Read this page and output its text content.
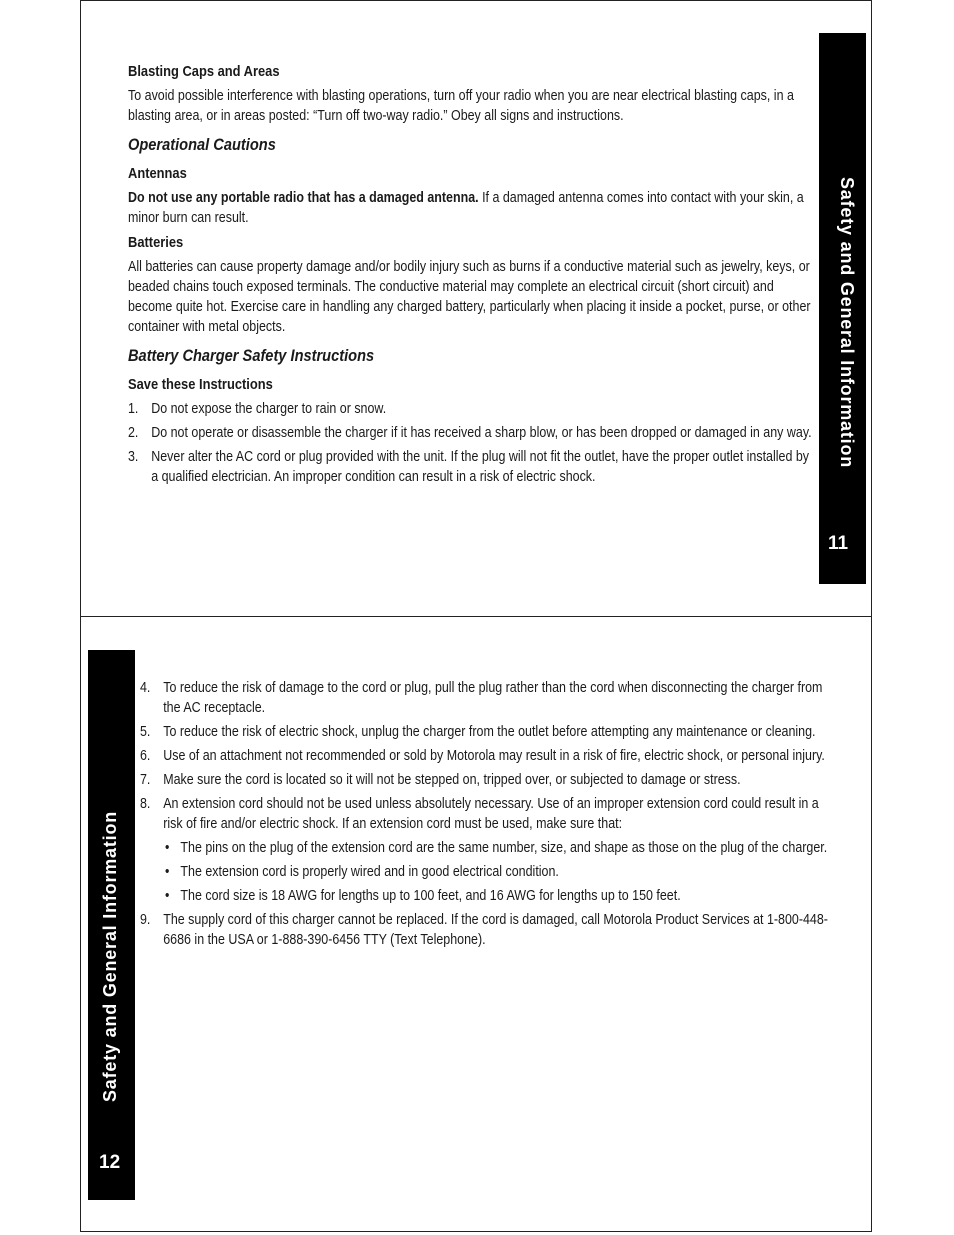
Safety and General Information
11
Safety and General Information
12
Blasting Caps and Areas

To avoid possible interference with blasting operations, turn off your radio when you are near electrical blasting caps, in a blasting area, or in areas posted: “Turn off two-way radio.” Obey all signs and instructions.

Operational Cautions
Antennas

Do not use any portable radio that has a damaged antenna. If a damaged antenna comes into contact with your skin, a minor burn can result.

Batteries

All batteries can cause property damage and/or bodily injury such as burns if a conductive material such as jewelry, keys, or beaded chains touch exposed terminals. The conductive material may complete an electrical circuit (short circuit) and become quite hot. Exercise care in handling any charged battery, particularly when placing it inside a pocket, purse, or other container with metal objects.

Battery Charger Safety Instructions
Save these Instructions
1. Do not expose the charger to rain or snow.
2. Do not operate or disassemble the charger if it has received a sharp blow, or has been dropped or damaged in any way.
3. Never alter the AC cord or plug provided with the unit. If the plug will not fit the outlet, have the proper outlet installed by a qualified electrician. An improper condition can result in a risk of electric shock.
4. To reduce the risk of damage to the cord or plug, pull the plug rather than the cord when disconnecting the charger from the AC receptacle.
5. To reduce the risk of electric shock, unplug the charger from the outlet before attempting any maintenance or cleaning.
6. Use of an attachment not recommended or sold by Motorola may result in a risk of fire, electric shock, or personal injury.
7. Make sure the cord is located so it will not be stepped on, tripped over, or subjected to damage or stress.
8. An extension cord should not be used unless absolutely necessary. Use of an improper extension cord could result in a risk of fire and/or electric shock. If an extension cord must be used, make sure that:
• The pins on the plug of the extension cord are the same number, size, and shape as those on the plug of the charger.
• The extension cord is properly wired and in good electrical condition.
• The cord size is 18 AWG for lengths up to 100 feet, and 16 AWG for lengths up to 150 feet.
9. The supply cord of this charger cannot be replaced. If the cord is damaged, call Motorola Product Services at 1-800-448-6686 in the USA or 1-888-390-6456 TTY (Text Telephone).
